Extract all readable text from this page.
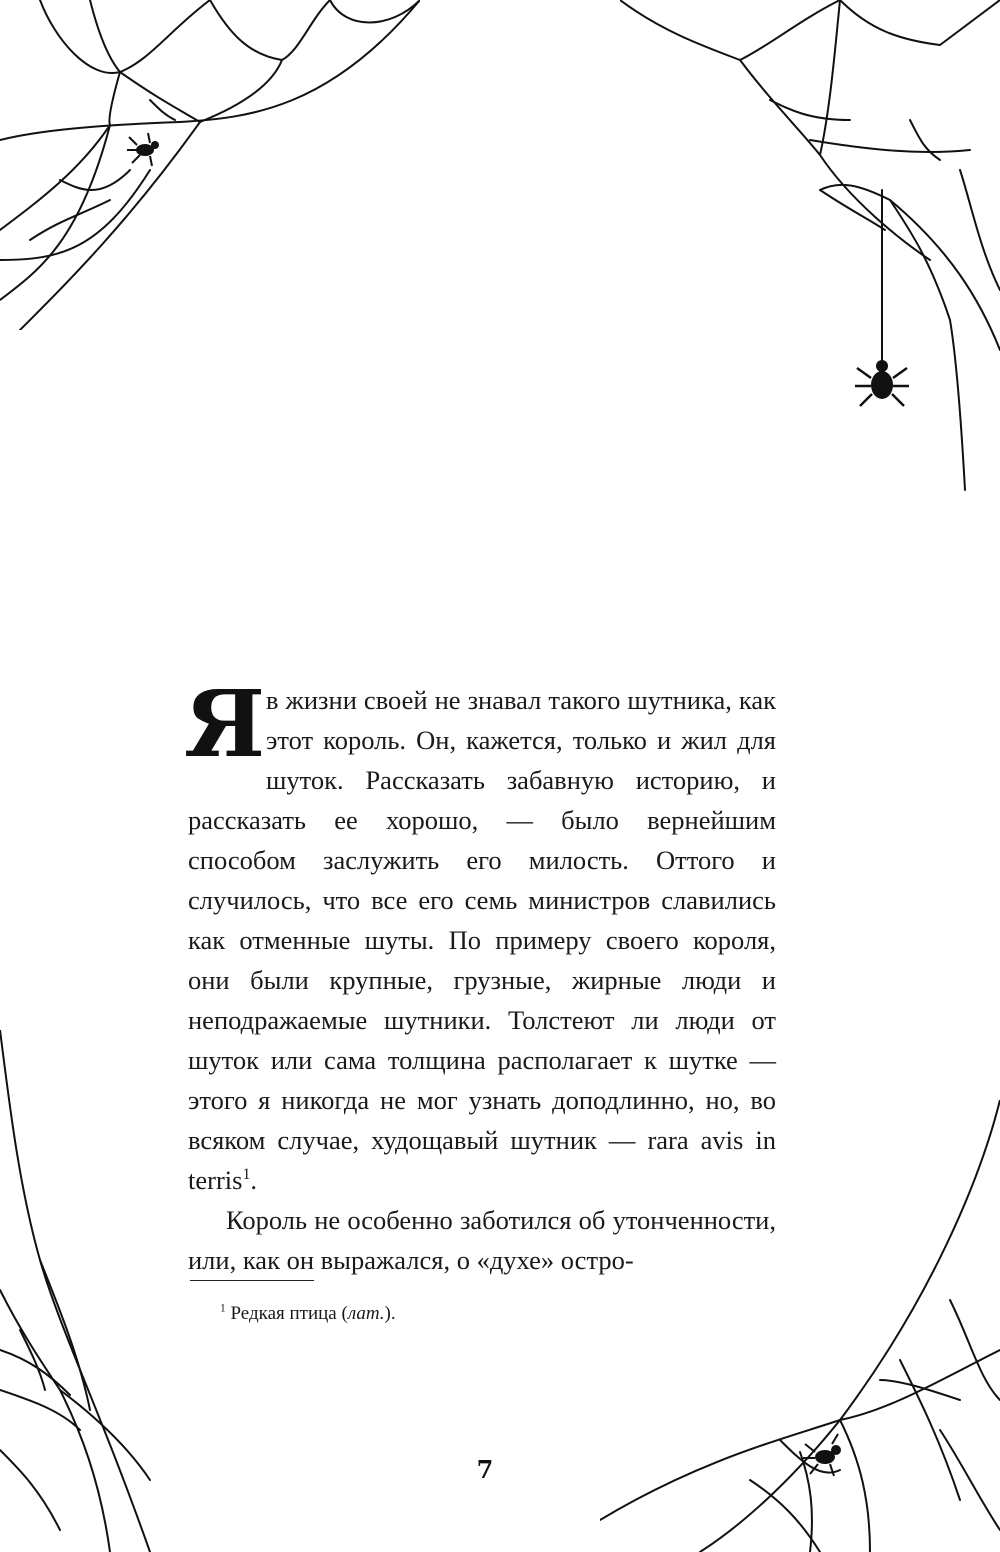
Я в жизни своей не знавал такого шутника, как этот король. Он, кажется, только и жил для шуток. Рассказать забавную историю, и рассказать ее хорошо, — было вернейшим способом заслужить его милость. Оттого и случилось, что все его семь министров славились как отменные шуты. По примеру своего короля, они были крупные, грузные, жирные люди и неподражаемые шутники. Толстеют ли люди от шуток или сама толщина располагает к шутке — этого я никогда не мог узнать доподлинно, но, во всяком случае, худощавый шутник — rara avis in terris$^1$.

Король не особенно заботился об утонченности, или, как он выражался, о «духе» остро-

$^1$ Редкая птица (лат.).
7
